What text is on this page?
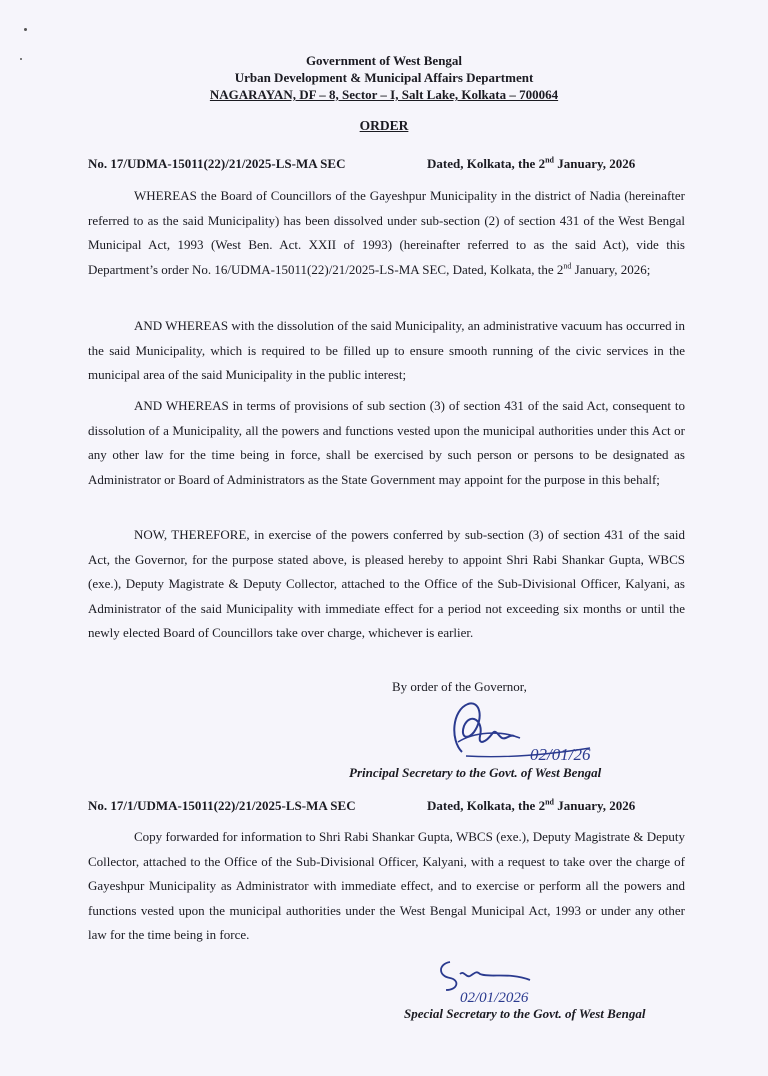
Government of West Bengal
Urban Development & Municipal Affairs Department
NAGARAYAN, DF – 8, Sector – I, Salt Lake, Kolkata – 700064
ORDER
No. 17/UDMA-15011(22)/21/2025-LS-MA SEC	Dated, Kolkata, the 2nd January, 2026

WHEREAS the Board of Councillors of the Gayeshpur Municipality in the district of Nadia (hereinafter referred to as the said Municipality) has been dissolved under sub-section (2) of section 431 of the West Bengal Municipal Act, 1993 (West Ben. Act. XXII of 1993) (hereinafter referred to as the said Act), vide this Department’s order No. 16/UDMA-15011(22)/21/2025-LS-MA SEC, Dated, Kolkata, the 2nd January, 2026;

AND WHEREAS with the dissolution of the said Municipality, an administrative vacuum has occurred in the said Municipality, which is required to be filled up to ensure smooth running of the civic services in the municipal area of the said Municipality in the public interest;

AND WHEREAS in terms of provisions of sub section (3) of section 431 of the said Act, consequent to dissolution of a Municipality, all the powers and functions vested upon the municipal authorities under this Act or any other law for the time being in force, shall be exercised by such person or persons to be designated as Administrator or Board of Administrators as the State Government may appoint for the purpose in this behalf;

NOW, THEREFORE, in exercise of the powers conferred by sub-section (3) of section 431 of the said Act, the Governor, for the purpose stated above, is pleased hereby to appoint Shri Rabi Shankar Gupta, WBCS (exe.), Deputy Magistrate & Deputy Collector, attached to the Office of the Sub-Divisional Officer, Kalyani, as Administrator of the said Municipality with immediate effect for a period not exceeding six months or until the newly elected Board of Councillors take over charge, whichever is earlier.

By order of the Governor,
02/01/26
Principal Secretary to the Govt. of West Bengal
No. 17/1/UDMA-15011(22)/21/2025-LS-MA SEC	Dated, Kolkata, the 2nd January, 2026

Copy forwarded for information to Shri Rabi Shankar Gupta, WBCS (exe.), Deputy Magistrate & Deputy Collector, attached to the Office of the Sub-Divisional Officer, Kalyani, with a request to take over the charge of Gayeshpur Municipality as Administrator with immediate effect, and to exercise or perform all the powers and functions vested upon the municipal authorities under the West Bengal Municipal Act, 1993 or under any other law for the time being in force.

02/01/2026
Special Secretary to the Govt. of West Bengal
